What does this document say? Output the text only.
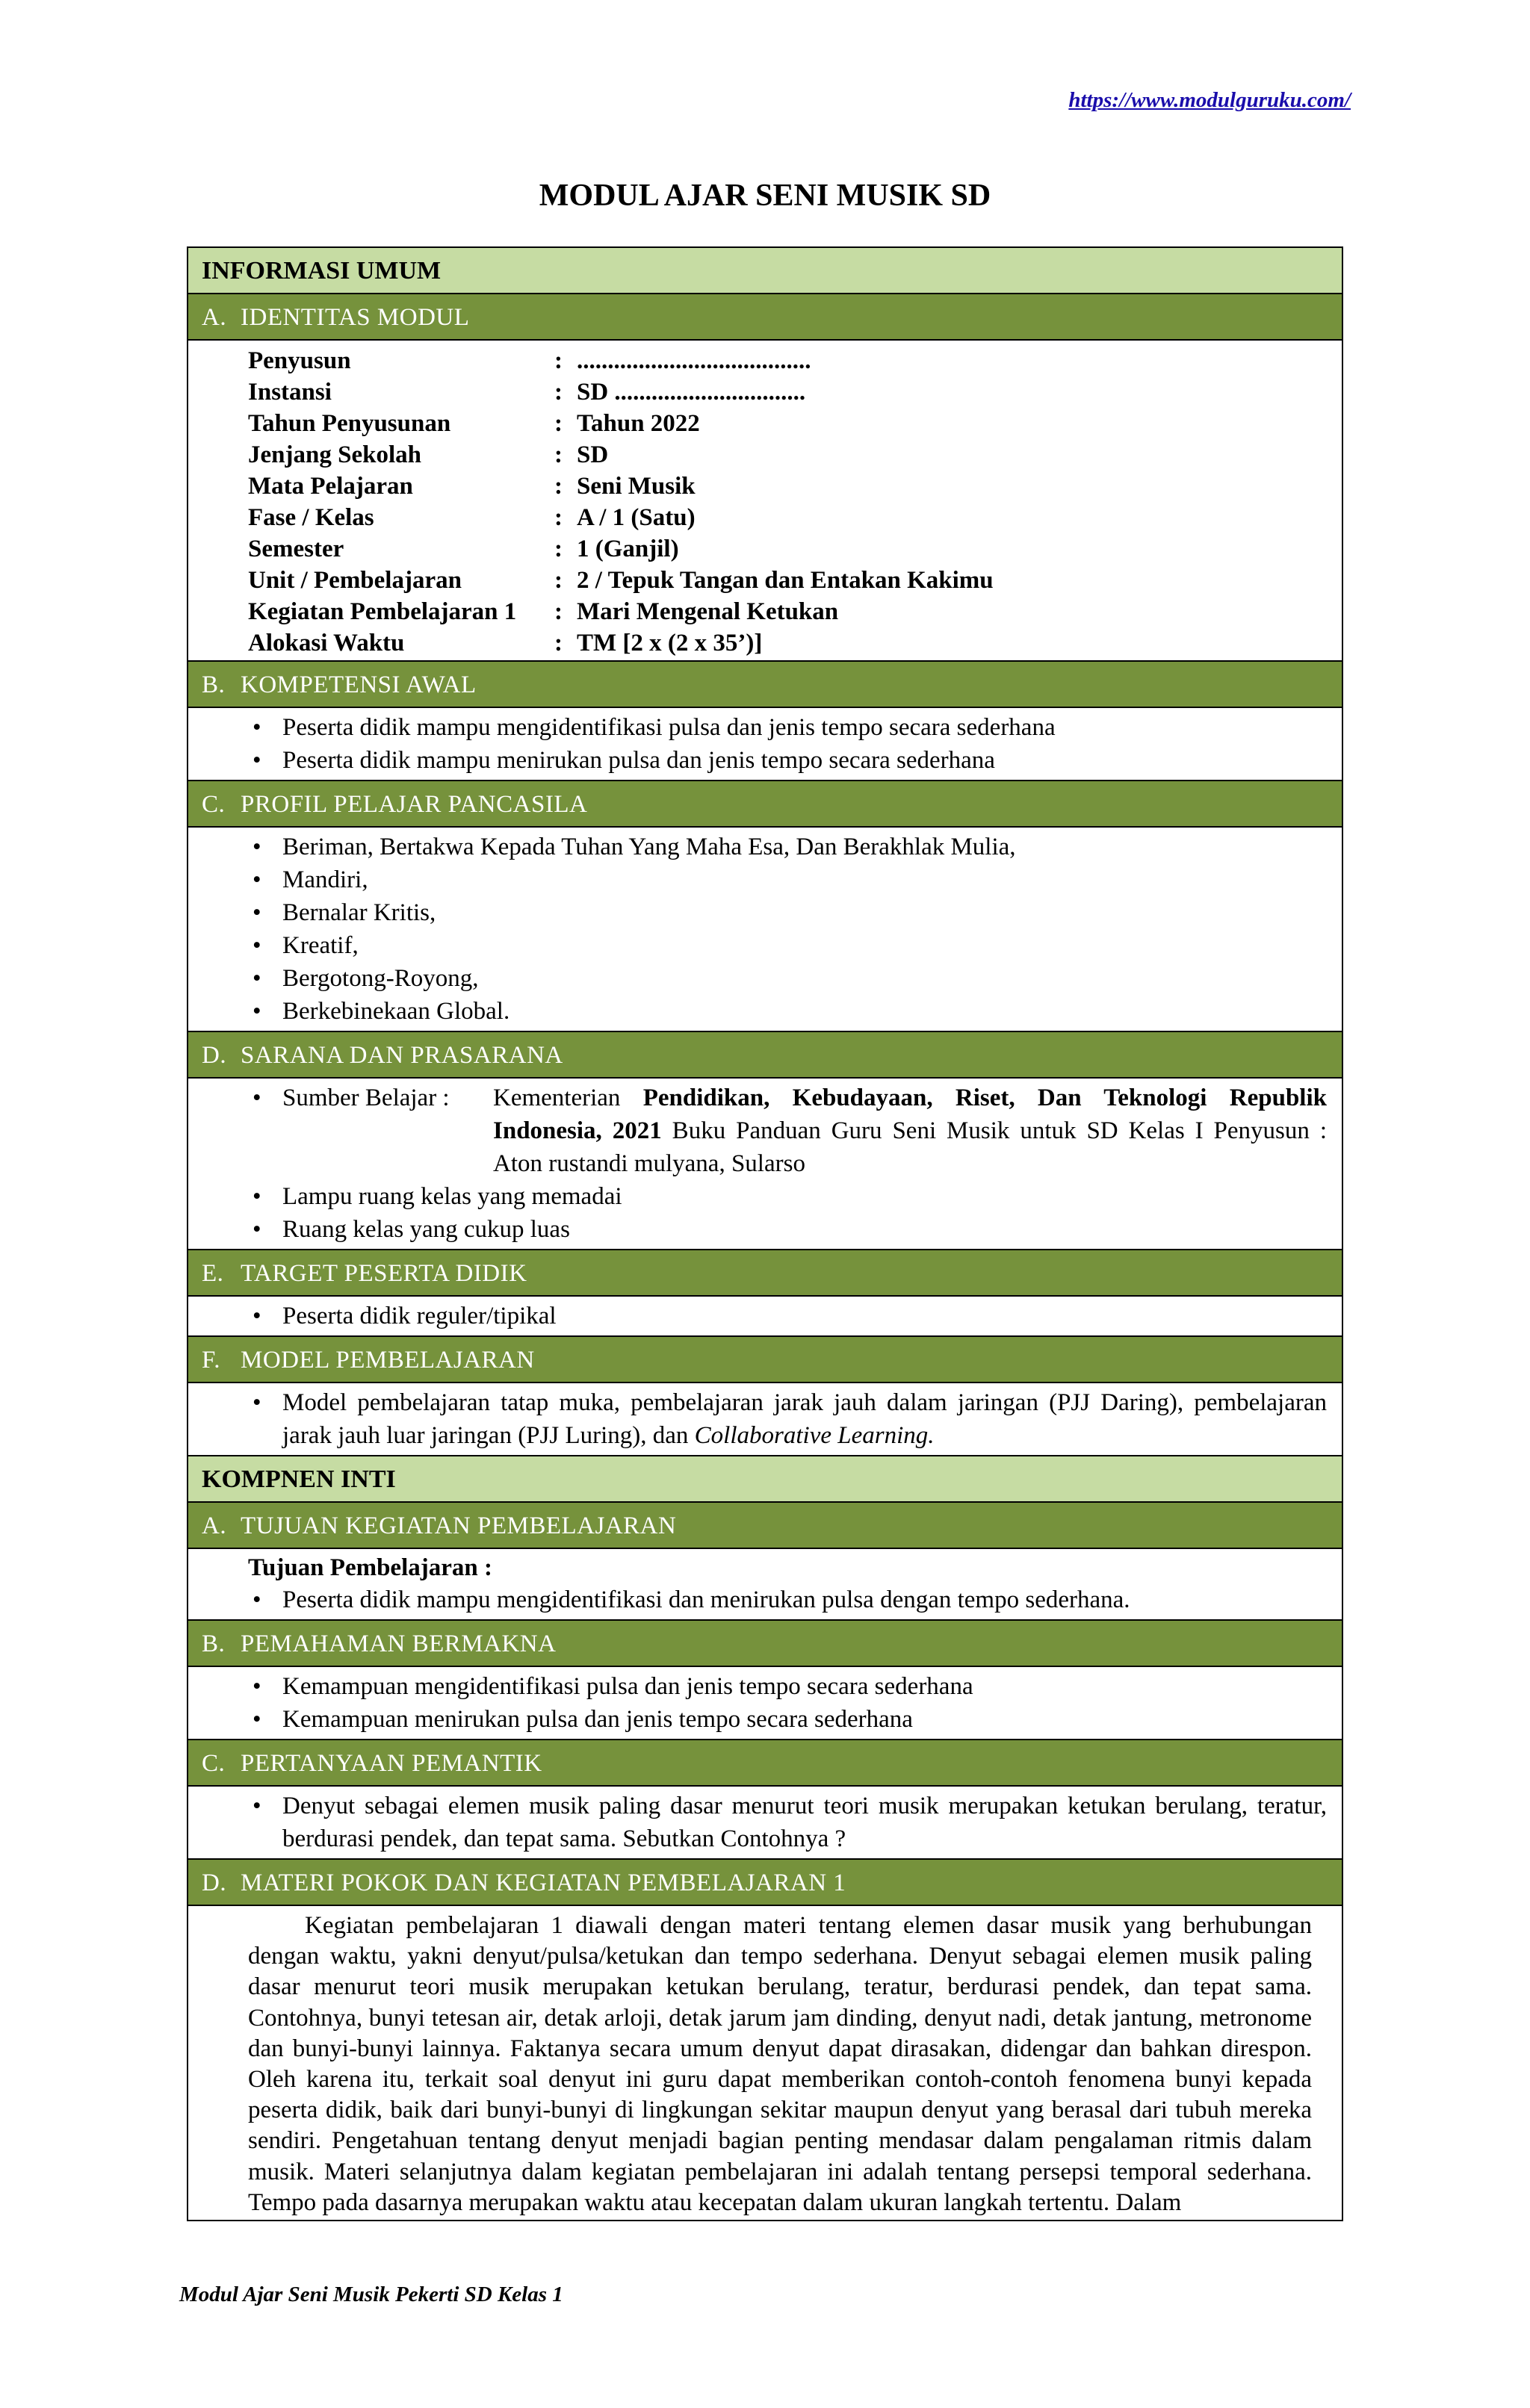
https://www.modulguruku.com/
MODUL AJAR SENI MUSIK SD
INFORMASI UMUM
A. IDENTITAS MODUL
Penyusun	: ......................................
Instansi	: SD ...............................
Tahun Penyusunan	: Tahun 2022
Jenjang Sekolah	: SD
Mata Pelajaran	: Seni Musik
Fase / Kelas	: A / 1 (Satu)
Semester	: 1 (Ganjil)
Unit / Pembelajaran	: 2 / Tepuk Tangan dan Entakan Kakimu
Kegiatan Pembelajaran 1	: Mari Mengenal Ketukan
Alokasi Waktu	: TM [2 x (2 x 35’)]
B. KOMPETENSI AWAL
• Peserta didik mampu mengidentifikasi pulsa dan jenis tempo secara sederhana
• Peserta didik mampu menirukan pulsa dan jenis tempo secara sederhana
C. PROFIL PELAJAR PANCASILA
• Beriman, Bertakwa Kepada Tuhan Yang Maha Esa, Dan Berakhlak Mulia,
• Mandiri,
• Bernalar Kritis,
• Kreatif,
• Bergotong-Royong,
• Berkebinekaan Global.
D. SARANA DAN PRASARANA
• Sumber Belajar :	Kementerian Pendidikan, Kebudayaan, Riset, Dan Teknologi Republik Indonesia, 2021 Buku Panduan Guru Seni Musik untuk SD Kelas I Penyusun : Aton rustandi mulyana, Sularso
• Lampu ruang kelas yang memadai
• Ruang kelas yang cukup luas
E. TARGET PESERTA DIDIK
• Peserta didik reguler/tipikal
F. MODEL PEMBELAJARAN
• Model pembelajaran tatap muka, pembelajaran jarak jauh dalam jaringan (PJJ Daring), pembelajaran jarak jauh luar jaringan (PJJ Luring), dan Collaborative Learning.
KOMPNEN INTI
A. TUJUAN KEGIATAN PEMBELAJARAN
Tujuan Pembelajaran :
• Peserta didik mampu mengidentifikasi dan menirukan pulsa dengan tempo sederhana.
B. PEMAHAMAN BERMAKNA
• Kemampuan mengidentifikasi pulsa dan jenis tempo secara sederhana
• Kemampuan menirukan pulsa dan jenis tempo secara sederhana
C. PERTANYAAN PEMANTIK
• Denyut sebagai elemen musik paling dasar menurut teori musik merupakan ketukan berulang, teratur, berdurasi pendek, dan tepat sama. Sebutkan Contohnya ?
D. MATERI POKOK DAN KEGIATAN PEMBELAJARAN 1
Kegiatan pembelajaran 1 diawali dengan materi tentang elemen dasar musik yang berhubungan dengan waktu, yakni denyut/pulsa/ketukan dan tempo sederhana. Denyut sebagai elemen musik paling dasar menurut teori musik merupakan ketukan berulang, teratur, berdurasi pendek, dan tepat sama. Contohnya, bunyi tetesan air, detak arloji, detak jarum jam dinding, denyut nadi, detak jantung, metronome dan bunyi-bunyi lainnya. Faktanya secara umum denyut dapat dirasakan, didengar dan bahkan direspon. Oleh karena itu, terkait soal denyut ini guru dapat memberikan contoh-contoh fenomena bunyi kepada peserta didik, baik dari bunyi-bunyi di lingkungan sekitar maupun denyut yang berasal dari tubuh mereka sendiri. Pengetahuan tentang denyut menjadi bagian penting mendasar dalam pengalaman ritmis dalam musik. Materi selanjutnya dalam kegiatan pembelajaran ini adalah tentang persepsi temporal sederhana. Tempo pada dasarnya merupakan waktu atau kecepatan dalam ukuran langkah tertentu. Dalam
Modul Ajar Seni Musik Pekerti SD Kelas 1
